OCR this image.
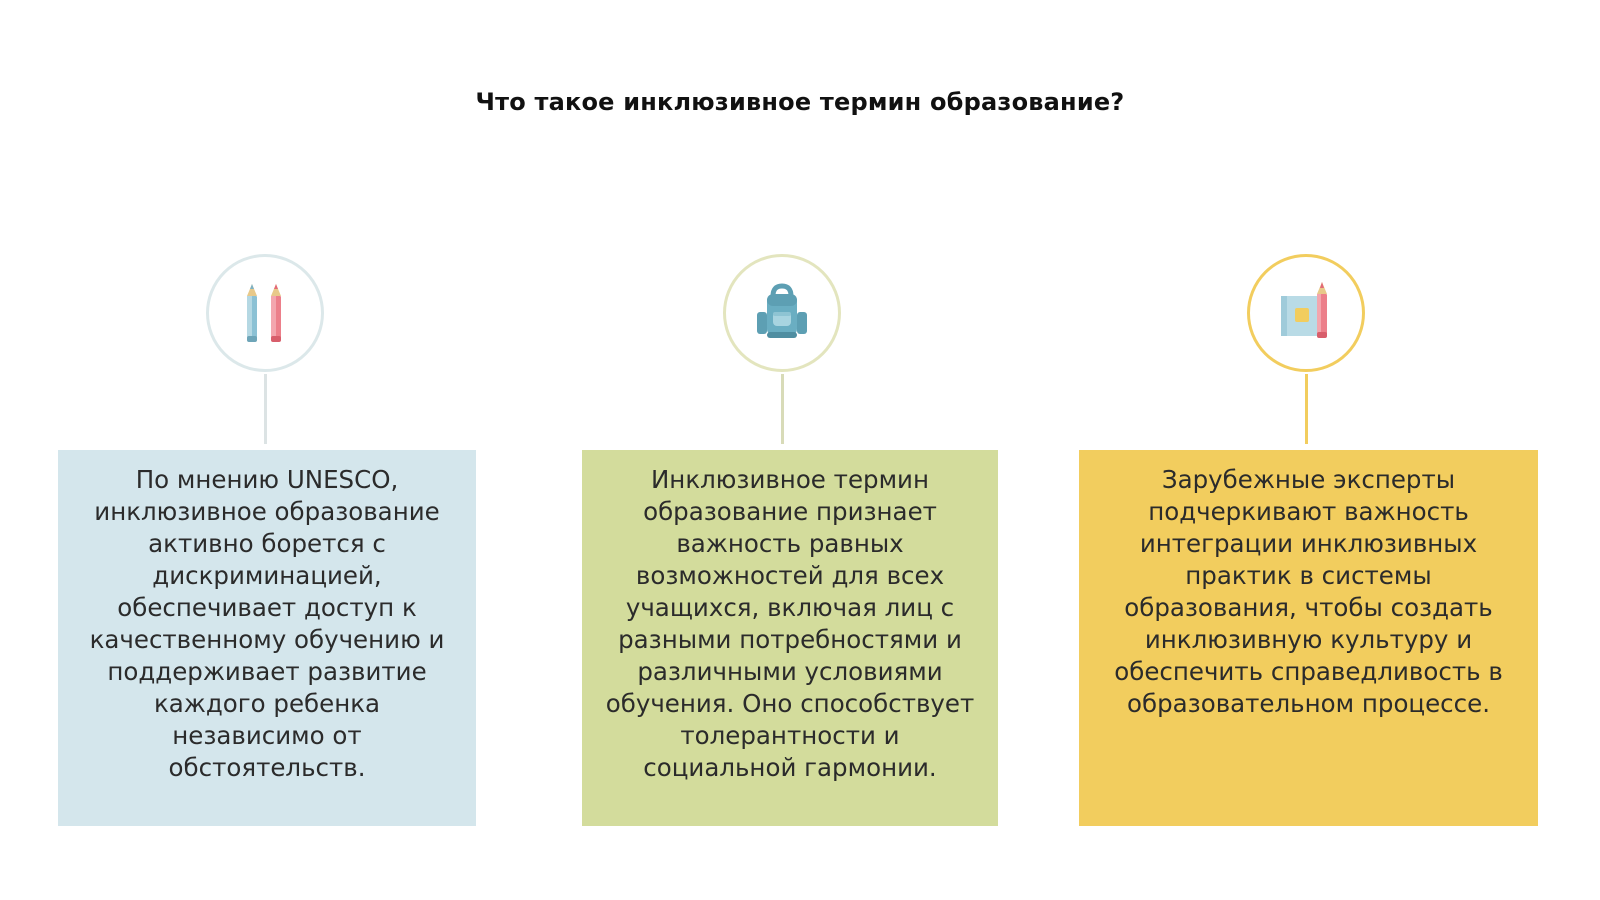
Что такое инклюзивное термин образование?
По мнению UNESCO, инклюзивное образование активно борется с дискриминацией, обеспечивает доступ к качественному обучению и поддерживает развитие каждого ребенка независимо от обстоятельств.
Инклюзивное термин образование признает важность равных возможностей для всех учащихся, включая лиц с разными потребностями и различными условиями обучения. Оно способствует толерантности и социальной гармонии.
Зарубежные эксперты подчеркивают важность интеграции инклюзивных практик в системы образования, чтобы создать инклюзивную культуру и обеспечить справедливость в образовательном процессе.
